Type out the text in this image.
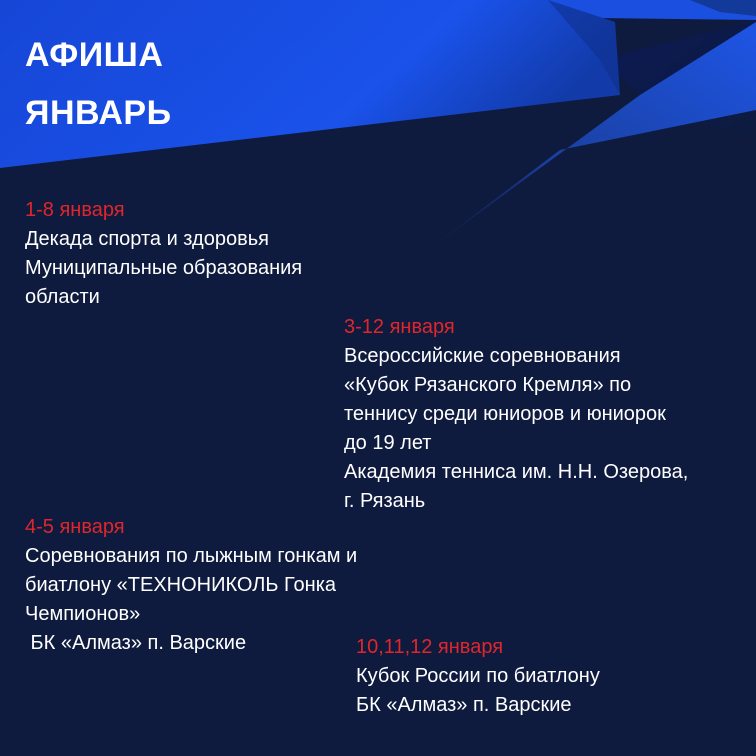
АФИША
ЯНВАРЬ
1-8 января
Декада спорта и здоровья
Муниципальные образования
области
3-12 января
Всероссийские соревнования
«Кубок Рязанского Кремля» по
теннису среди юниоров и юниорок
до 19 лет
Академия тенниса им. Н.Н. Озерова,
г. Рязань
4-5 января
Соревнования по лыжным гонкам и
биатлону «ТЕХНОНИКОЛЬ Гонка
Чемпионов»
БК «Алмаз» п. Варские	10,11,12 января
Кубок России по биатлону
БК «Алмаз» п. Варские
